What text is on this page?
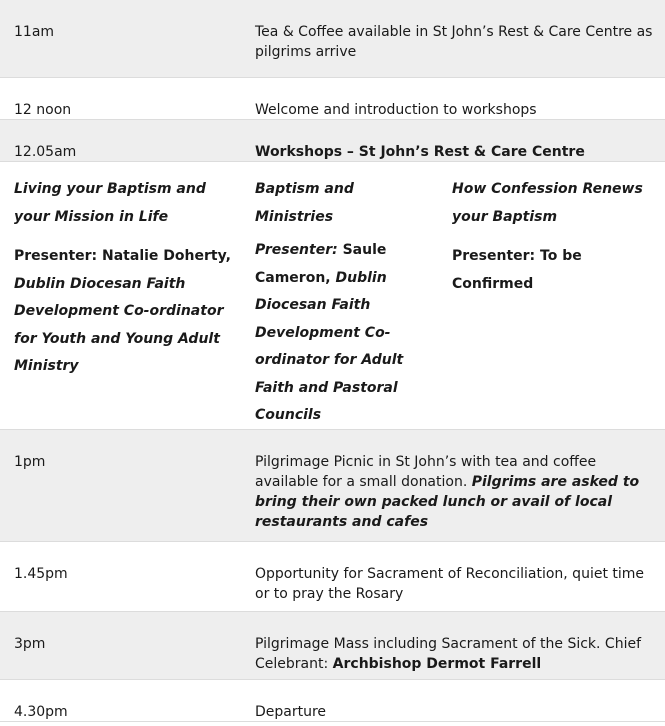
11am	Tea & Coffee available in St John’s Rest & Care Centre as pilgrims arrive
12 noon	Welcome and introduction to workshops
12.05am	Workshops – St John’s Rest & Care Centre

Living your Baptism and your Mission in Life

Presenter: Natalie Doherty, Dublin Diocesan Faith Development Co-ordinator for Youth and Young Adult Ministry

Baptism and Ministries

Presenter: Saule Cameron, Dublin Diocesan Faith Development Co-ordinator for Adult Faith and Pastoral Councils

How Confession Renews your Baptism

Presenter: To be Confirmed

1pm	Pilgrimage Picnic in St John’s with tea and coffee available for a small donation. Pilgrims are asked to bring their own packed lunch or avail of local restaurants and cafes
1.45pm	Opportunity for Sacrament of Reconciliation, quiet time or to pray the Rosary
3pm	Pilgrimage Mass including Sacrament of the Sick. Chief Celebrant: Archbishop Dermot Farrell
4.30pm	Departure
